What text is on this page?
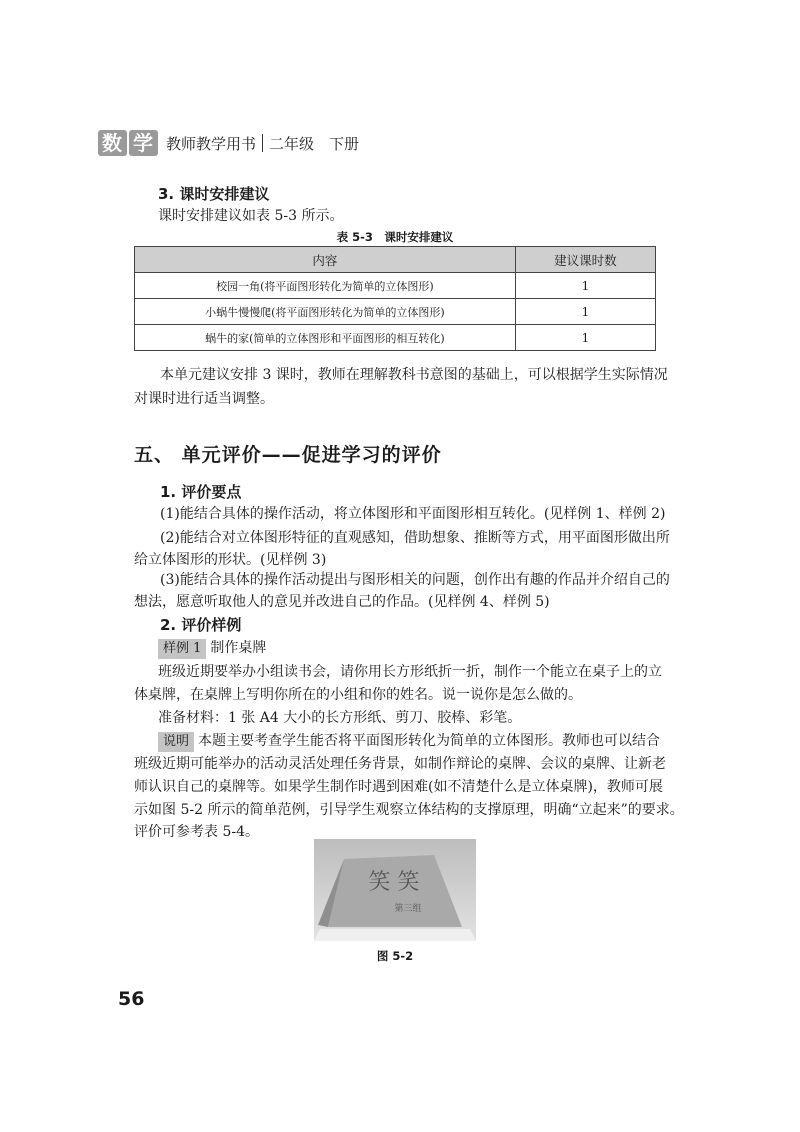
数 学 教师教学用书 二年级　下册
3. 课时安排建议
课时安排建议如表 5-3 所示。
表 5-3　课时安排建议
内容	建议课时数
校园一角(将平面图形转化为简单的立体图形)	1
小蜗牛慢慢爬(将平面图形转化为简单的立体图形)	1
蜗牛的家(简单的立体图形和平面图形的相互转化)	1
本单元建议安排 3 课时，教师在理解教科书意图的基础上，可以根据学生实际情况
对课时进行适当调整。
五、 单元评价——促进学习的评价
1. 评价要点
(1)能结合具体的操作活动，将立体图形和平面图形相互转化。(见样例 1、样例 2)
(2)能结合对立体图形特征的直观感知，借助想象、推断等方式，用平面图形做出所
给立体图形的形状。(见样例 3)
(3)能结合具体的操作活动提出与图形相关的问题，创作出有趣的作品并介绍自己的
想法，愿意听取他人的意见并改进自己的作品。(见样例 4、样例 5)
2. 评价样例
样例 1 制作桌牌
班级近期要举办小组读书会，请你用长方形纸折一折，制作一个能立在桌子上的立
体桌牌，在桌牌上写明你所在的小组和你的姓名。说一说你是怎么做的。
准备材料：1 张 A4 大小的长方形纸、剪刀、胶棒、彩笔。
说明 本题主要考查学生能否将平面图形转化为简单的立体图形。教师也可以结合
班级近期可能举办的活动灵活处理任务背景，如制作辩论的桌牌、会议的桌牌、让新老
师认识自己的桌牌等。如果学生制作时遇到困难(如不清楚什么是立体桌牌)，教师可展
示如图 5-2 所示的简单范例，引导学生观察立体结构的支撑原理，明确“立起来”的要求。
评价可参考表 5-4。
笑 笑
第三组
图 5-2
56
